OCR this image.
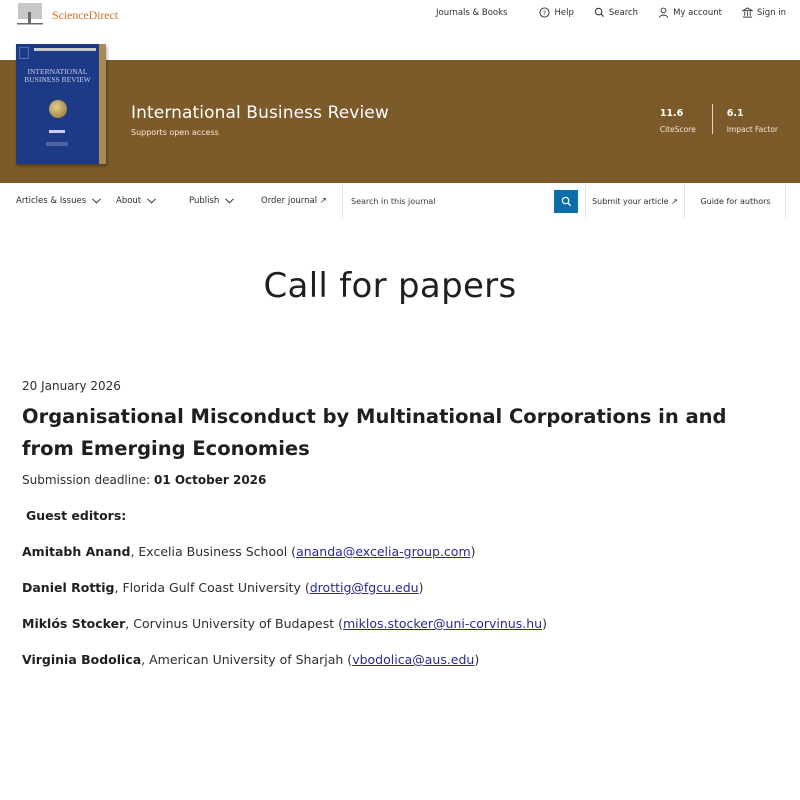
ScienceDirect	Journals & Books	? Help	Search	My account	Sign in
INTERNATIONAL BUSINESS REVIEW
International Business Review
Supports open access
11.6
CiteScore
6.1
Impact Factor
Articles & Issues	About	Publish	Order journal ↗
Search in this journal	Submit your article ↗	Guide for authors
Call for papers
20 January 2026
Organisational Misconduct by Multinational Corporations in and from Emerging Economies
Submission deadline: 01 October 2026
Guest editors:
Amitabh Anand, Excelia Business School (ananda@excelia-group.com)
Daniel Rottig, Florida Gulf Coast University (drottig@fgcu.edu)
Miklós Stocker, Corvinus University of Budapest (miklos.stocker@uni-corvinus.hu)
Virginia Bodolica, American University of Sharjah (vbodolica@aus.edu)
